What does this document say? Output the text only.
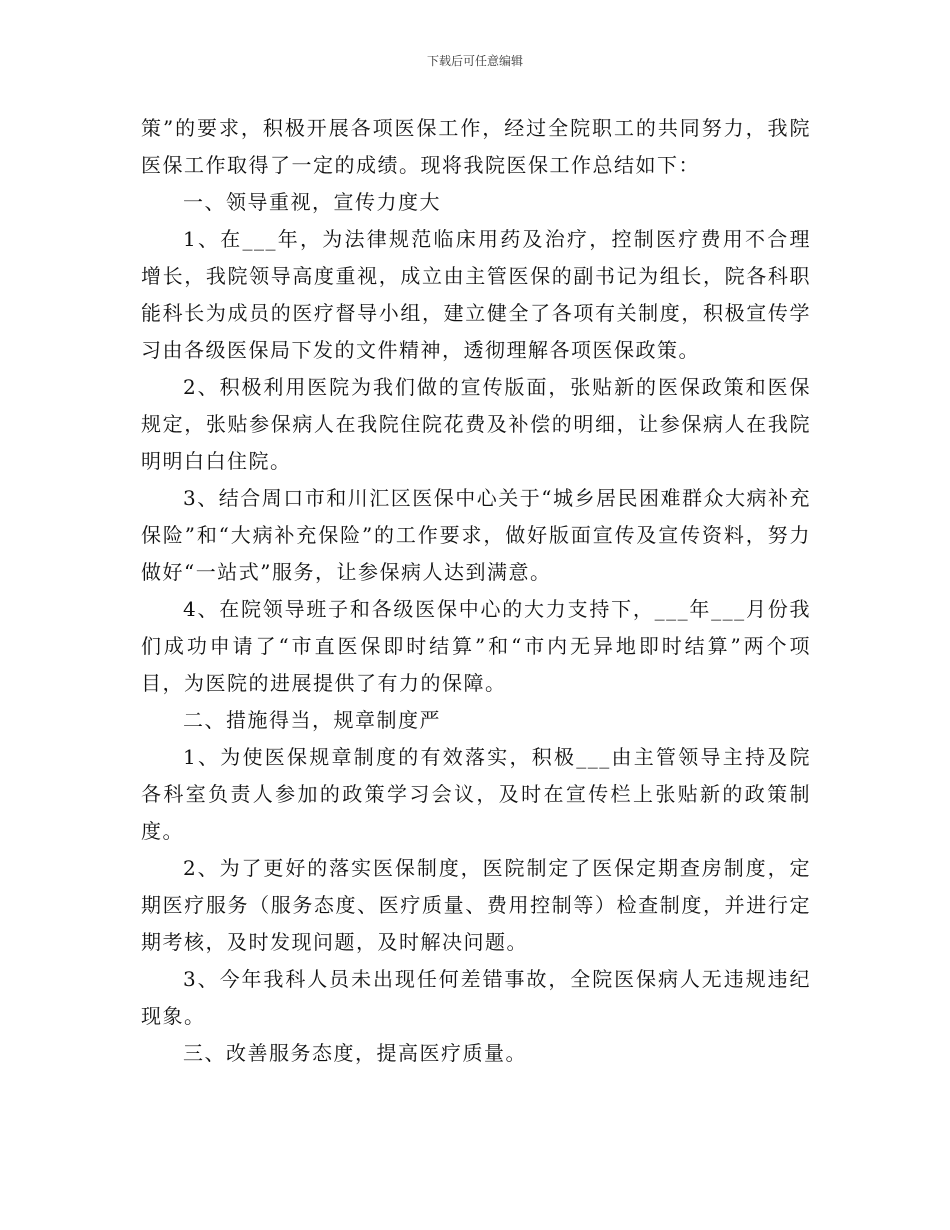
下载后可任意编辑

策”的要求，积极开展各项医保工作，经过全院职工的共同努力，我院医保工作取得了一定的成绩。现将我院医保工作总结如下：

一、领导重视，宣传力度大

1、在___年，为法律规范临床用药及治疗，控制医疗费用不合理增长，我院领导高度重视，成立由主管医保的副书记为组长，院各科职能科长为成员的医疗督导小组，建立健全了各项有关制度，积极宣传学习由各级医保局下发的文件精神，透彻理解各项医保政策。

2、积极利用医院为我们做的宣传版面，张贴新的医保政策和医保规定，张贴参保病人在我院住院花费及补偿的明细，让参保病人在我院明明白白住院。

3、结合周口市和川汇区医保中心关于“城乡居民困难群众大病补充保险”和“大病补充保险”的工作要求，做好版面宣传及宣传资料，努力做好“一站式”服务，让参保病人达到满意。

4、在院领导班子和各级医保中心的大力支持下，___年___月份我们成功申请了“市直医保即时结算”和“市内无异地即时结算”两个项目，为医院的进展提供了有力的保障。

二、措施得当，规章制度严

1、为使医保规章制度的有效落实，积极___由主管领导主持及院各科室负责人参加的政策学习会议，及时在宣传栏上张贴新的政策制度。

2、为了更好的落实医保制度，医院制定了医保定期查房制度，定期医疗服务（服务态度、医疗质量、费用控制等）检查制度，并进行定期考核，及时发现问题，及时解决问题。

3、今年我科人员未出现任何差错事故，全院医保病人无违规违纪现象。

三、改善服务态度，提高医疗质量。
